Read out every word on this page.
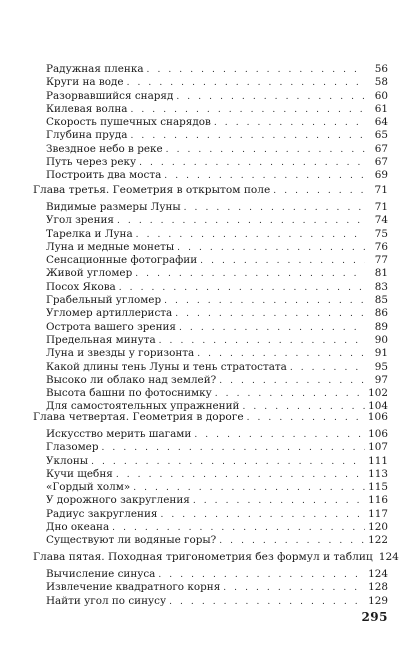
Радужная пленка . . .	56
Круги на воде . . .	58
Разорвавшийся снаряд . . .	60
Килевая волна . . .	61
Скорость пушечных снарядов . . .	64
Глубина пруда . . .	65
Звездное небо в реке . . .	67
Путь через реку . . .	67
Построить два моста . . .	69
Глава третья. Геометрия в открытом поле . . .	71
Видимые размеры Луны . . .	71
Угол зрения . . .	74
Тарелка и Луна . . .	75
Луна и медные монеты . . .	76
Сенсационные фотографии . . .	77
Живой угломер . . .	81
Посох Якова . . .	83
Грабельный угломер . . .	85
Угломер артиллериста . . .	86
Острота вашего зрения . . .	89
Предельная минута . . .	90
Луна и звезды у горизонта . . .	91
Какой длины тень Луны и тень стратостата . . .	95
Высоко ли облако над землей? . . .	97
Высота башни по фотоснимку . . .	102
Для самостоятельных упражнений . . .	104
Глава четвертая. Геометрия в дороге . . .	106
Искусство мерить шагами . . .	106
Глазомер . . .	107
Уклоны . . .	111
Кучи щебня . . .	113
«Гордый холм» . . .	115
У дорожного закругления . . .	116
Радиус закругления . . .	117
Дно океана . . .	120
Существуют ли водяные горы? . . .	122
Глава пятая. Походная тригонометрия без формул и таблиц 124
Вычисление синуса . . .	124
Извлечение квадратного корня . . .	128
Найти угол по синусу . . .	129
295
